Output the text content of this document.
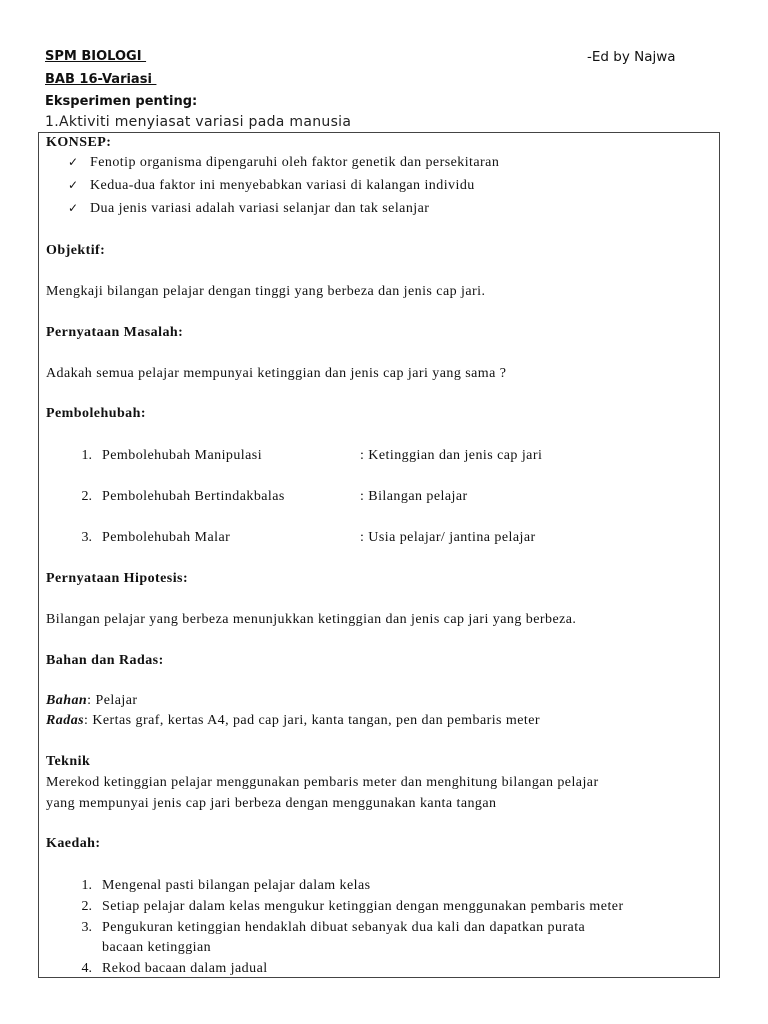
SPM BIOLOGI	-Ed by Najwa
BAB 16-Variasi
Eksperimen penting:
1.Aktiviti menyiasat variasi pada manusia
KONSEP:
✓ Fenotip organisma dipengaruhi oleh faktor genetik dan persekitaran
✓ Kedua-dua faktor ini menyebabkan variasi di kalangan individu
✓ Dua jenis variasi adalah variasi selanjar dan tak selanjar
Objektif:
Mengkaji bilangan pelajar dengan tinggi yang berbeza dan jenis cap jari.
Pernyataan Masalah:
Adakah semua pelajar mempunyai ketinggian dan jenis cap jari yang sama ?
Pembolehubah:
1. Pembolehubah Manipulasi	: Ketinggian dan jenis cap jari
2. Pembolehubah Bertindakbalas	: Bilangan pelajar
3. Pembolehubah Malar	: Usia pelajar/ jantina pelajar
Pernyataan Hipotesis:
Bilangan pelajar yang berbeza menunjukkan ketinggian dan jenis cap jari yang berbeza.
Bahan dan Radas:
Bahan: Pelajar
Radas: Kertas graf, kertas A4, pad cap jari, kanta tangan, pen dan pembaris meter
Teknik
Merekod ketinggian pelajar menggunakan pembaris meter dan menghitung bilangan pelajar
yang mempunyai jenis cap jari berbeza dengan menggunakan kanta tangan
Kaedah:
1. Mengenal pasti bilangan pelajar dalam kelas
2. Setiap pelajar dalam kelas mengukur ketinggian dengan menggunakan pembaris meter
3. Pengukuran ketinggian hendaklah dibuat sebanyak dua kali dan dapatkan purata
bacaan ketinggian
4. Rekod bacaan dalam jadual
